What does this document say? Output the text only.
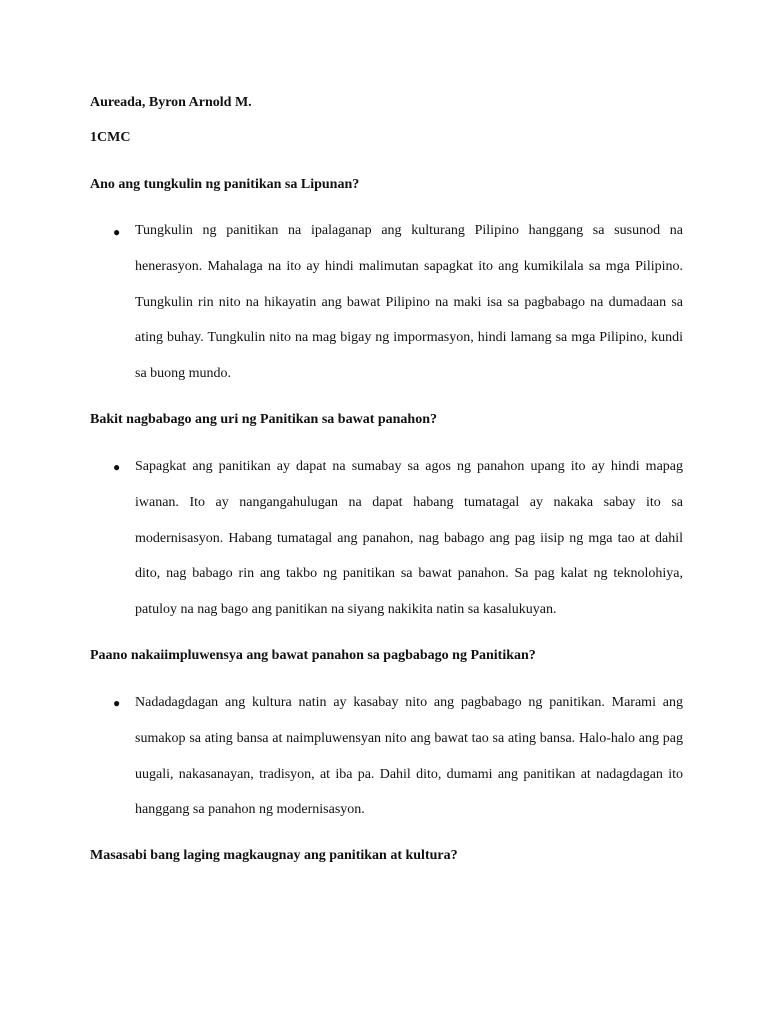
Aureada, Byron Arnold M.
1CMC
Ano ang tungkulin ng panitikan sa Lipunan?
● Tungkulin ng panitikan na ipalaganap ang kulturang Pilipino hanggang sa susunod na henerasyon. Mahalaga na ito ay hindi malimutan sapagkat ito ang kumikilala sa mga Pilipino. Tungkulin rin nito na hikayatin ang bawat Pilipino na maki isa sa pagbabago na dumadaan sa ating buhay. Tungkulin nito na mag bigay ng impormasyon, hindi lamang sa mga Pilipino, kundi sa buong mundo.

Bakit nagbabago ang uri ng Panitikan sa bawat panahon?
● Sapagkat ang panitikan ay dapat na sumabay sa agos ng panahon upang ito ay hindi mapag iwanan. Ito ay nangangahulugan na dapat habang tumatagal ay nakaka sabay ito sa modernisasyon. Habang tumatagal ang panahon, nag babago ang pag iisip ng mga tao at dahil dito, nag babago rin ang takbo ng panitikan sa bawat panahon. Sa pag kalat ng teknolohiya, patuloy na nag bago ang panitikan na siyang nakikita natin sa kasalukuyan.

Paano nakaiimpluwensya ang bawat panahon sa pagbabago ng Panitikan?
● Nadadagdagan ang kultura natin ay kasabay nito ang pagbabago ng panitikan. Marami ang sumakop sa ating bansa at naimpluwensyan nito ang bawat tao sa ating bansa. Halo-halo ang pag uugali, nakasanayan, tradisyon, at iba pa. Dahil dito, dumami ang panitikan at nadagdagan ito hanggang sa panahon ng modernisasyon.

Masasabi bang laging magkaugnay ang panitikan at kultura?
